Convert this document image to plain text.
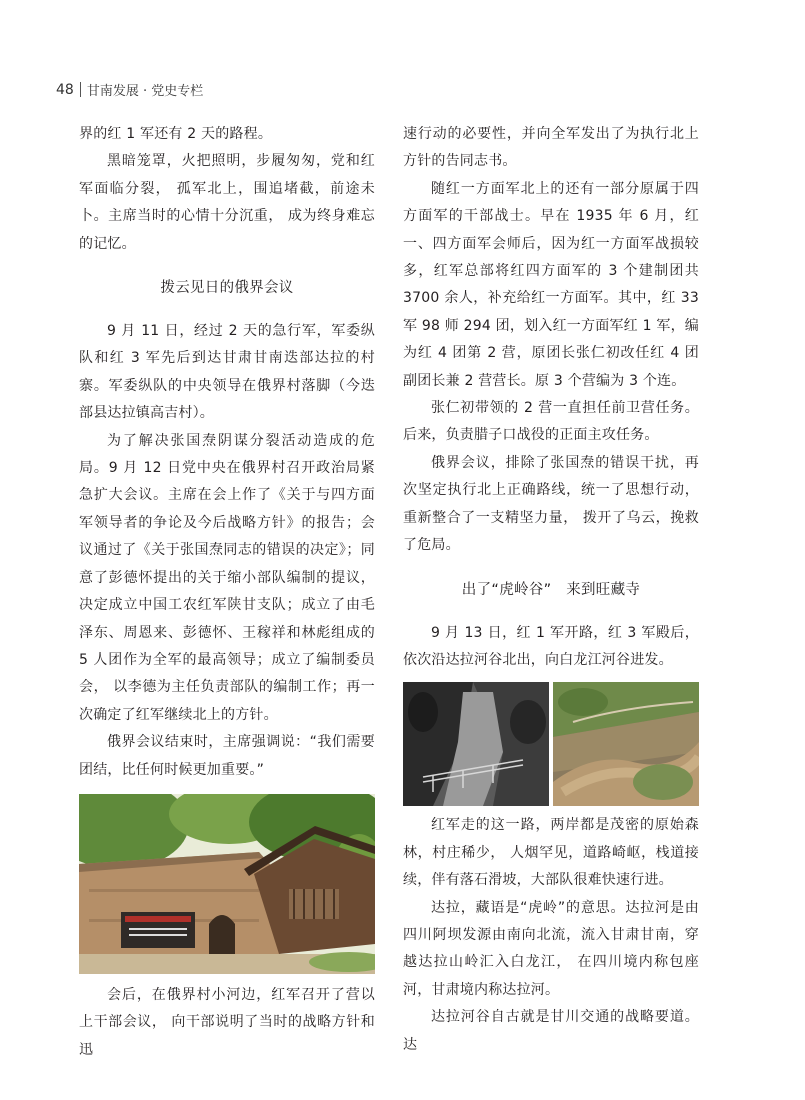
48 甘南发展 · 党史专栏

界的红 1 军还有 2 天的路程。

黑暗笼罩，火把照明，步履匆匆，党和红军面临分裂， 孤军北上，围追堵截，前途未卜。主席当时的心情十分沉重， 成为终身难忘的记忆。

拨云见日的俄界会议

9 月 11 日，经过 2 天的急行军，军委纵队和红 3 军先后到达甘肃甘南迭部达拉的村寨。军委纵队的中央领导在俄界村落脚（今迭部县达拉镇高吉村）。

为了解决张国焘阴谋分裂活动造成的危局。9 月 12 日党中央在俄界村召开政治局紧急扩大会议。主席在会上作了《关于与四方面军领导者的争论及今后战略方针》的报告；会议通过了《关于张国焘同志的错误的决定》；同意了彭德怀提出的关于缩小部队编制的提议，决定成立中国工农红军陕甘支队；成立了由毛泽东、周恩来、彭德怀、王稼祥和林彪组成的 5 人团作为全军的最高领导；成立了编制委员会， 以李德为主任负责部队的编制工作；再一次确定了红军继续北上的方针。

俄界会议结束时，主席强调说：“我们需要团结，比任何时候更加重要。”

会后，在俄界村小河边，红军召开了营以上干部会议， 向干部说明了当时的战略方针和迅

速行动的必要性，并向全军发出了为执行北上方针的告同志书。

随红一方面军北上的还有一部分原属于四方面军的干部战士。早在 1935 年 6 月，红一、四方面军会师后，因为红一方面军战损较多，红军总部将红四方面军的 3 个建制团共 3700 余人，补充给红一方面军。其中，红 33 军 98 师 294 团，划入红一方面军红 1 军，编为红 4 团第 2 营，原团长张仁初改任红 4 团副团长兼 2 营营长。原 3 个营编为 3 个连。

张仁初带领的 2 营一直担任前卫营任务。后来，负责腊子口战役的正面主攻任务。

俄界会议，排除了张国焘的错误干扰，再次坚定执行北上正确路线，统一了思想行动，重新整合了一支精坚力量， 拨开了乌云，挽救了危局。

出了“虎岭谷”　来到旺藏寺

9 月 13 日，红 1 军开路，红 3 军殿后，依次沿达拉河谷北出，向白龙江河谷进发。

红军走的这一路，两岸都是茂密的原始森林，村庄稀少， 人烟罕见，道路崎岖，栈道接续，伴有落石滑坡，大部队很难快速行进。

达拉，藏语是“虎岭”的意思。达拉河是由四川阿坝发源由南向北流，流入甘肃甘南，穿越达拉山岭汇入白龙江， 在四川境内称包座河，甘肃境内称达拉河。

达拉河谷自古就是甘川交通的战略要道。达
